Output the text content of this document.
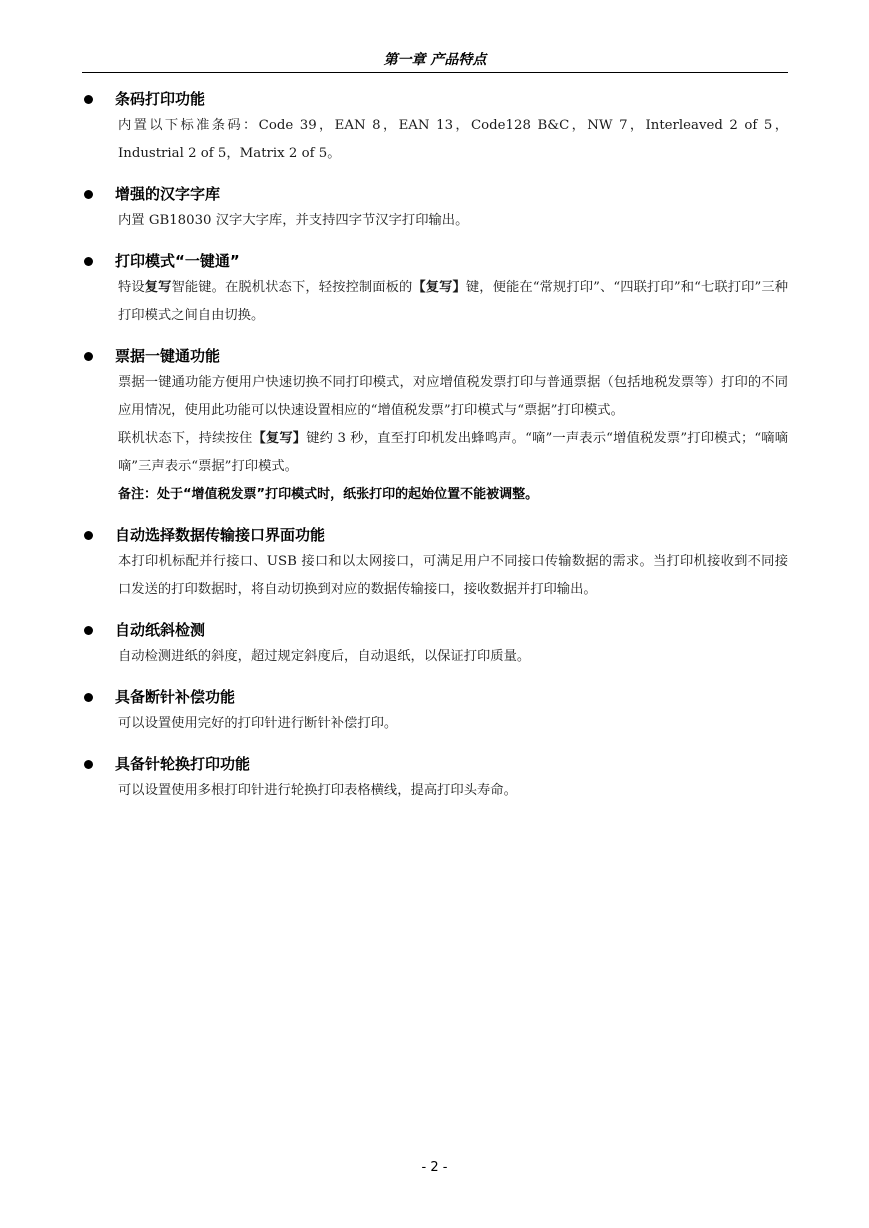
第一章 产品特点
条码打印功能

内置以下标准条码：Code 39，EAN 8，EAN 13，Code128 B&C，NW 7，Interleaved 2 of 5，Industrial 2 of 5，Matrix 2 of 5。

增强的汉字字库

内置 GB18030 汉字大字库，并支持四字节汉字打印输出。

打印模式“一键通”

特设复写智能键。在脱机状态下，轻按控制面板的【复写】键，便能在“常规打印”、“四联打印”和“七联打印”三种打印模式之间自由切换。

票据一键通功能

票据一键通功能方便用户快速切换不同打印模式，对应增值税发票打印与普通票据（包括地税发票等）打印的不同应用情况，使用此功能可以快速设置相应的“增值税发票”打印模式与“票据”打印模式。

联机状态下，持续按住【复写】键约 3 秒，直至打印机发出蜂鸣声。“嘀”一声表示“增值税发票”打印模式；“嘀嘀嘀”三声表示“票据”打印模式。

备注：处于“增值税发票”打印模式时，纸张打印的起始位置不能被调整。

自动选择数据传输接口界面功能

本打印机标配并行接口、USB 接口和以太网接口，可满足用户不同接口传输数据的需求。当打印机接收到不同接口发送的打印数据时，将自动切换到对应的数据传输接口，接收数据并打印输出。

自动纸斜检测

自动检测进纸的斜度，超过规定斜度后，自动退纸，以保证打印质量。

具备断针补偿功能

可以设置使用完好的打印针进行断针补偿打印。

具备针轮换打印功能

可以设置使用多根打印针进行轮换打印表格横线，提高打印头寿命。

- 2 -
